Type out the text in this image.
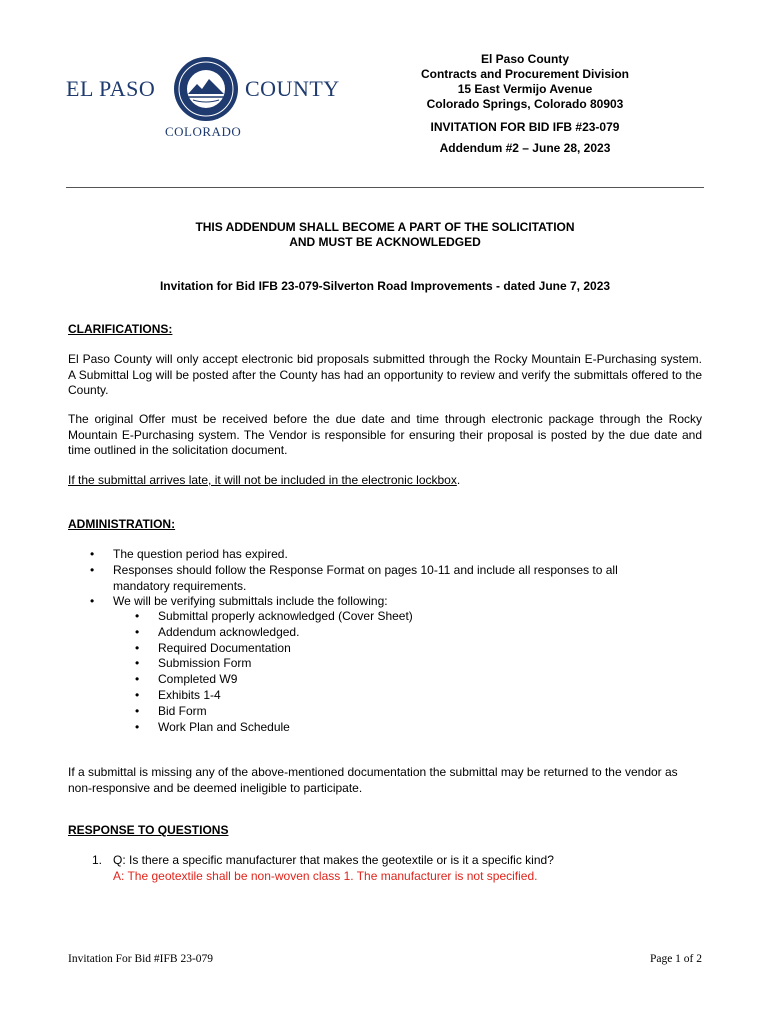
EL PASO	COUNTY
COLORADO
El Paso County
Contracts and Procurement Division
15 East Vermijo Avenue
Colorado Springs, Colorado 80903
INVITATION FOR BID IFB #23-079
Addendum #2 – June 28, 2023
THIS ADDENDUM SHALL BECOME A PART OF THE SOLICITATION
AND MUST BE ACKNOWLEDGED
Invitation for Bid IFB 23-079-Silverton Road Improvements - dated June 7, 2023
CLARIFICATIONS:
El Paso County will only accept electronic bid proposals submitted through the Rocky Mountain E-Purchasing system. A Submittal Log will be posted after the County has had an opportunity to review and verify the submittals offered to the County.
The original Offer must be received before the due date and time through electronic package through the Rocky Mountain E-Purchasing system. The Vendor is responsible for ensuring their proposal is posted by the due date and time outlined in the solicitation document.
If the submittal arrives late, it will not be included in the electronic lockbox.
ADMINISTRATION:
• The question period has expired.
• Responses should follow the Response Format on pages 10-11 and include all responses to all mandatory requirements.
• We will be verifying submittals include the following:
• Submittal properly acknowledged (Cover Sheet)
• Addendum acknowledged.
• Required Documentation
• Submission Form
• Completed W9
• Exhibits 1-4
• Bid Form
• Work Plan and Schedule
If a submittal is missing any of the above-mentioned documentation the submittal may be returned to the vendor as non-responsive and be deemed ineligible to participate.
RESPONSE TO QUESTIONS
1. Q: Is there a specific manufacturer that makes the geotextile or is it a specific kind?
A: The geotextile shall be non-woven class 1. The manufacturer is not specified.
Invitation For Bid #IFB 23-079	Page 1 of 2
